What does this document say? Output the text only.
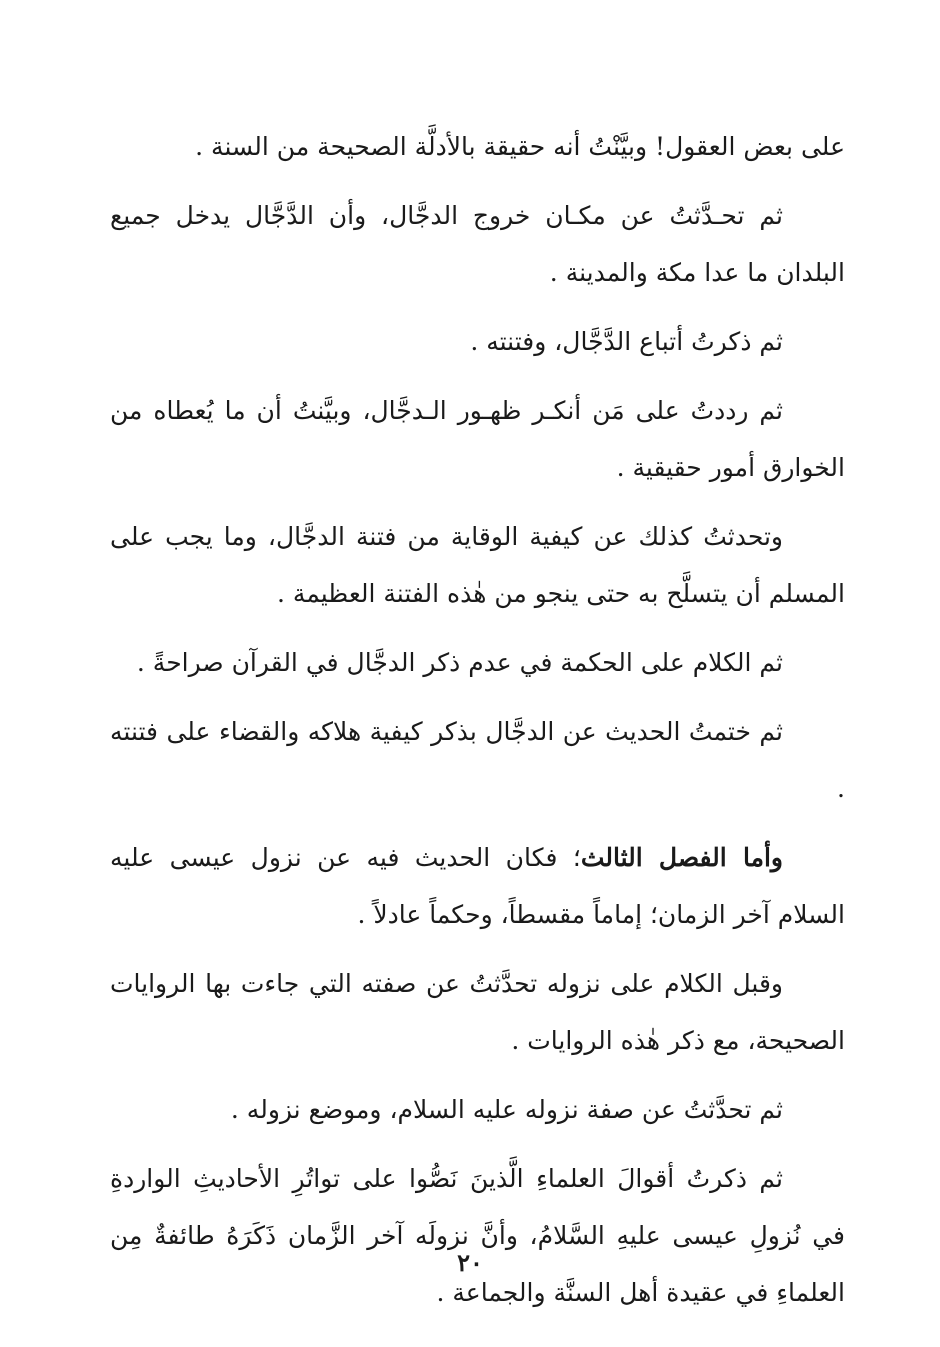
على بعض العقول! وبيَّنْتُ أنه حقيقة بالأدلَّة الصحيحة من السنة .

ثم تحـدَّثتُ عن مكـان خروج الدجَّال، وأن الدَّجَّال يدخل جميع البلدان ما عدا مكة والمدينة .

ثم ذكرتُ أتباع الدَّجَّال، وفتنته .

ثم رددتُ على مَن أنكـر ظهـور الـدجَّال، وبيَّنتُ أن ما يُعطاه من الخوارق أمور حقيقية .

وتحدثتُ كذلك عن كيفية الوقاية من فتنة الدجَّال، وما يجب على المسلم أن يتسلَّح به حتى ينجو من هٰذه الفتنة العظيمة .

ثم الكلام على الحكمة في عدم ذكر الدجَّال في القرآن صراحةً .

ثم ختمتُ الحديث عن الدجَّال بذكر كيفية هلاكه والقضاء على فتنته .

وأما الفصل الثالث؛ فكان الحديث فيه عن نزول عيسى عليه السلام آخر الزمان؛ إماماً مقسطاً، وحكماً عادلاً .

وقبل الكلام على نزوله تحدَّثتُ عن صفته التي جاءت بها الروايات الصحيحة، مع ذكر هٰذه الروايات .

ثم تحدَّثتُ عن صفة نزوله عليه السلام، وموضع نزوله .

ثم ذكرتُ أقوالَ العلماءِ الَّذينَ نَصُّوا على تواتُرِ الأحاديثِ الواردةِ في نُزولِ عيسى عليهِ السَّلامُ، وأنَّ نزولَه آخر الزَّمان ذَكَرَهُ طائفةٌ مِن العلماءِ في عقيدة أهل السنَّة والجماعة .

٢٠
